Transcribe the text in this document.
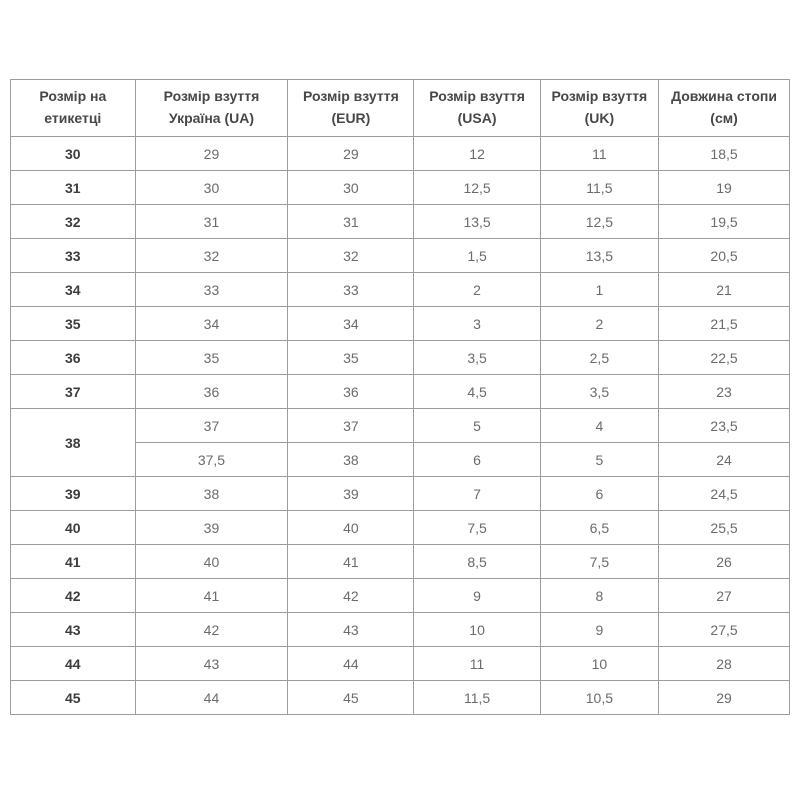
Розмір на етикетці	Розмір взуття Україна (UA)	Розмір взуття (EUR)	Розмір взуття (USA)	Розмір взуття (UK)	Довжина стопи (см)
30	29	29	12	11	18,5
31	30	30	12,5	11,5	19
32	31	31	13,5	12,5	19,5
33	32	32	1,5	13,5	20,5
34	33	33	2	1	21
35	34	34	3	2	21,5
36	35	35	3,5	2,5	22,5
37	36	36	4,5	3,5	23
38	37	37	5	4	23,5
	37,5	38	6	5	24
39	38	39	7	6	24,5
40	39	40	7,5	6,5	25,5
41	40	41	8,5	7,5	26
42	41	42	9	8	27
43	42	43	10	9	27,5
44	43	44	11	10	28
45	44	45	11,5	10,5	29
